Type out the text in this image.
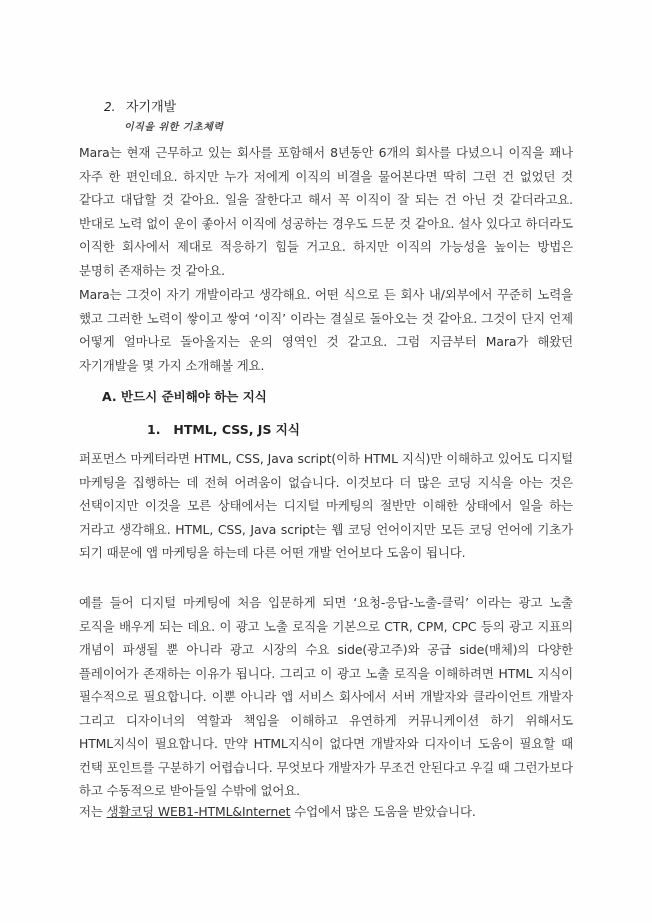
2. 자기개발
이직을 위한 기초체력
Mara는 현재 근무하고 있는 회사를 포함해서 8년동안 6개의 회사를 다녔으니 이직을 꽤나 자주 한 편인데요. 하지만 누가 저에게 이직의 비결을 물어본다면 딱히 그런 건 없었던 것 같다고 대답할 것 같아요. 일을 잘한다고 해서 꼭 이직이 잘 되는 건 아닌 것 같더라고요. 반대로 노력 없이 운이 좋아서 이직에 성공하는 경우도 드문 것 같아요. 설사 있다고 하더라도 이직한 회사에서 제대로 적응하기 힘들 거고요. 하지만 이직의 가능성을 높이는 방법은 분명히 존재하는 것 같아요.
Mara는 그것이 자기 개발이라고 생각해요. 어떤 식으로 든 회사 내/외부에서 꾸준히 노력을 했고 그러한 노력이 쌓이고 쌓여 ‘이직’ 이라는 결실로 돌아오는 것 같아요. 그것이 단지 언제 어떻게 얼마나로 돌아올지는 운의 영역인 것 같고요. 그럼 지금부터 Mara가 해왔던 자기개발을 몇 가지 소개해볼 게요.
A. 반드시 준비해야 하는 지식
1. HTML, CSS, JS 지식
퍼포먼스 마케터라면 HTML, CSS, Java script(이하 HTML 지식)만 이해하고 있어도 디지털 마케팅을 집행하는 데 전혀 어려움이 없습니다. 이것보다 더 많은 코딩 지식을 아는 것은 선택이지만 이것을 모른 상태에서는 디지털 마케팅의 절반만 이해한 상태에서 일을 하는 거라고 생각해요. HTML, CSS, Java script는 웹 코딩 언어이지만 모든 코딩 언어에 기초가 되기 때문에 앱 마케팅을 하는데 다른 어떤 개발 언어보다 도움이 됩니다.
예를 들어 디지털 마케팅에 처음 입문하게 되면 ‘요청-응답-노출-클릭’ 이라는 광고 노출 로직을 배우게 되는 데요. 이 광고 노출 로직을 기본으로 CTR, CPM, CPC 등의 광고 지표의 개념이 파생될 뿐 아니라 광고 시장의 수요 side(광고주)와 공급 side(매체)의 다양한 플레이어가 존재하는 이유가 됩니다. 그리고 이 광고 노출 로직을 이해하려면 HTML 지식이 필수적으로 필요합니다. 이뿐 아니라 앱 서비스 회사에서 서버 개발자와 클라이언트 개발자 그리고 디자이너의 역할과 책임을 이해하고 유연하게 커뮤니케이션 하기 위해서도 HTML지식이 필요합니다. 만약 HTML지식이 없다면 개발자와 디자이너 도움이 필요할 때 컨택 포인트를 구분하기 어렵습니다. 무엇보다 개발자가 무조건 안된다고 우길 때 그런가보다 하고 수동적으로 받아들일 수밖에 없어요.
저는 생활코딩 WEB1-HTML&Internet 수업에서 많은 도움을 받았습니다.
